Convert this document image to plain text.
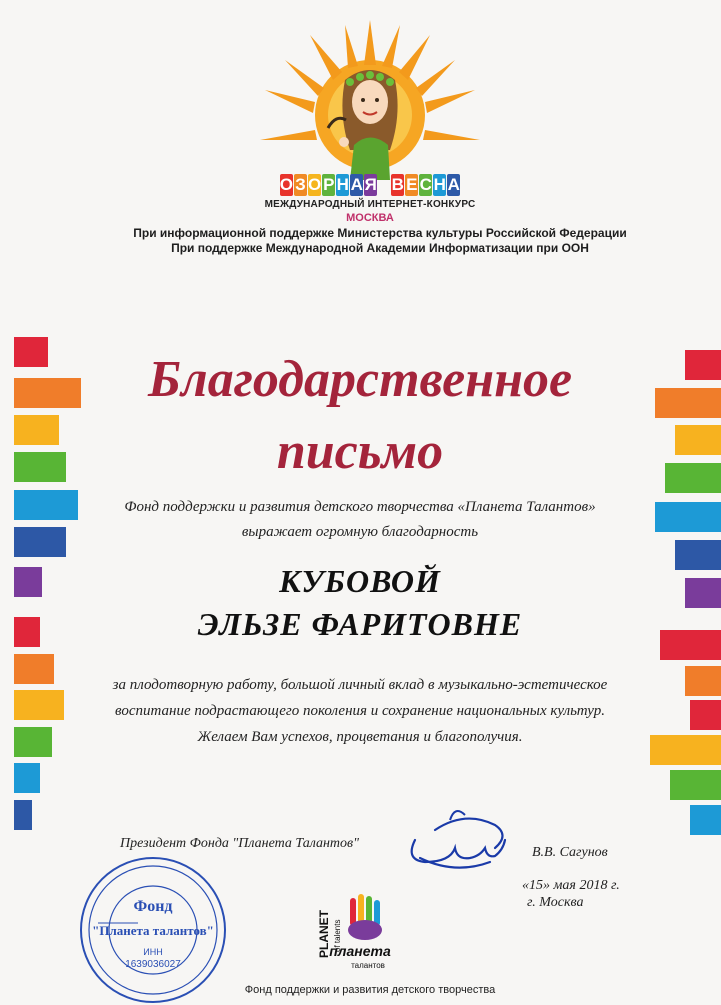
О З О Р Н А Я В Е С Н А
МЕЖДУНАРОДНЫЙ ИНТЕРНЕТ-КОНКУРС
МОСКВА
При информационной поддержке Министерства культуры Российской Федерации
При поддержке Международной Академии Информатизации при ООН
Благодарственное
письмо
Фонд поддержки и развития детского творчества «Планета Талантов»
выражает огромную благодарность
КУБОВОЙ
ЭЛЬЗЕ ФАРИТОВНЕ
за плодотворную работу, большой личный вклад в музыкально-эстетическое
воспитание подрастающего поколения и сохранение национальных культур.
Желаем Вам успехов, процветания и благополучия.
Президент Фонда "Планета Талантов"
В.В. Сагунов
«15» мая 2018 г.
г. Москва
Фонд
"Планета талантов"
ИНН
1639036027
PLANET of talents
планета
талантов
Фонд поддержки и развития детского творчества
